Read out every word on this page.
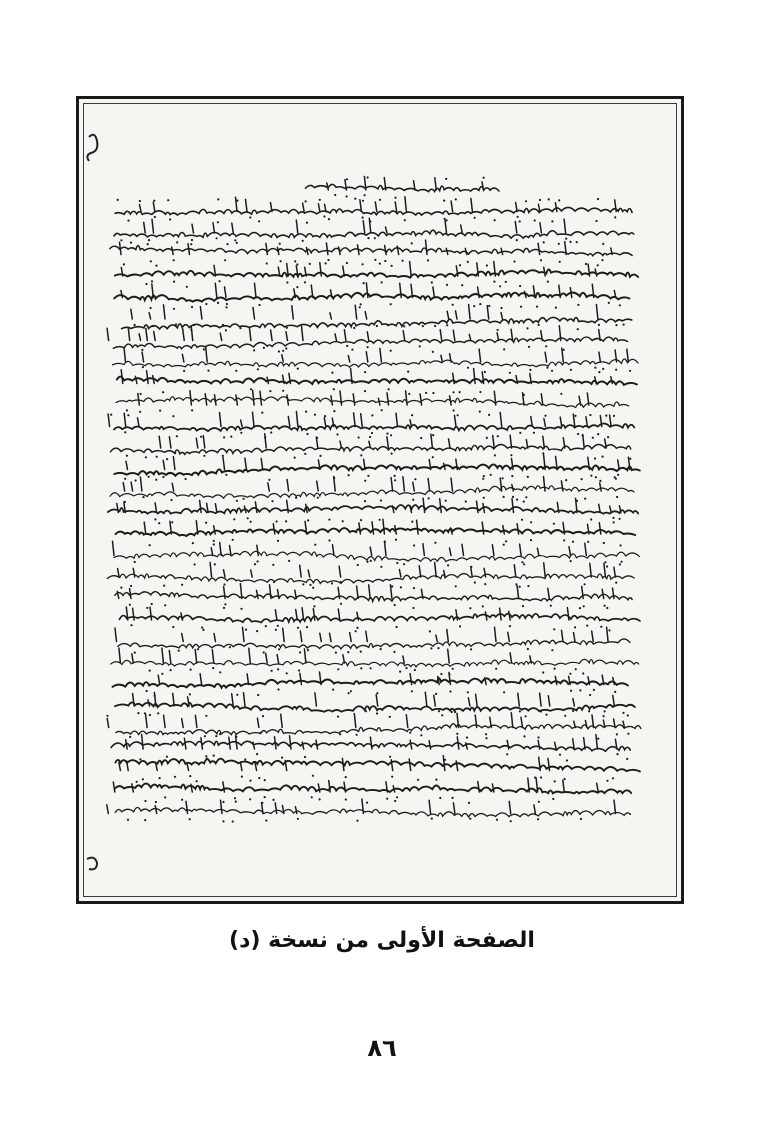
الصفحة الأولى من نسخة (د)
٨٦
